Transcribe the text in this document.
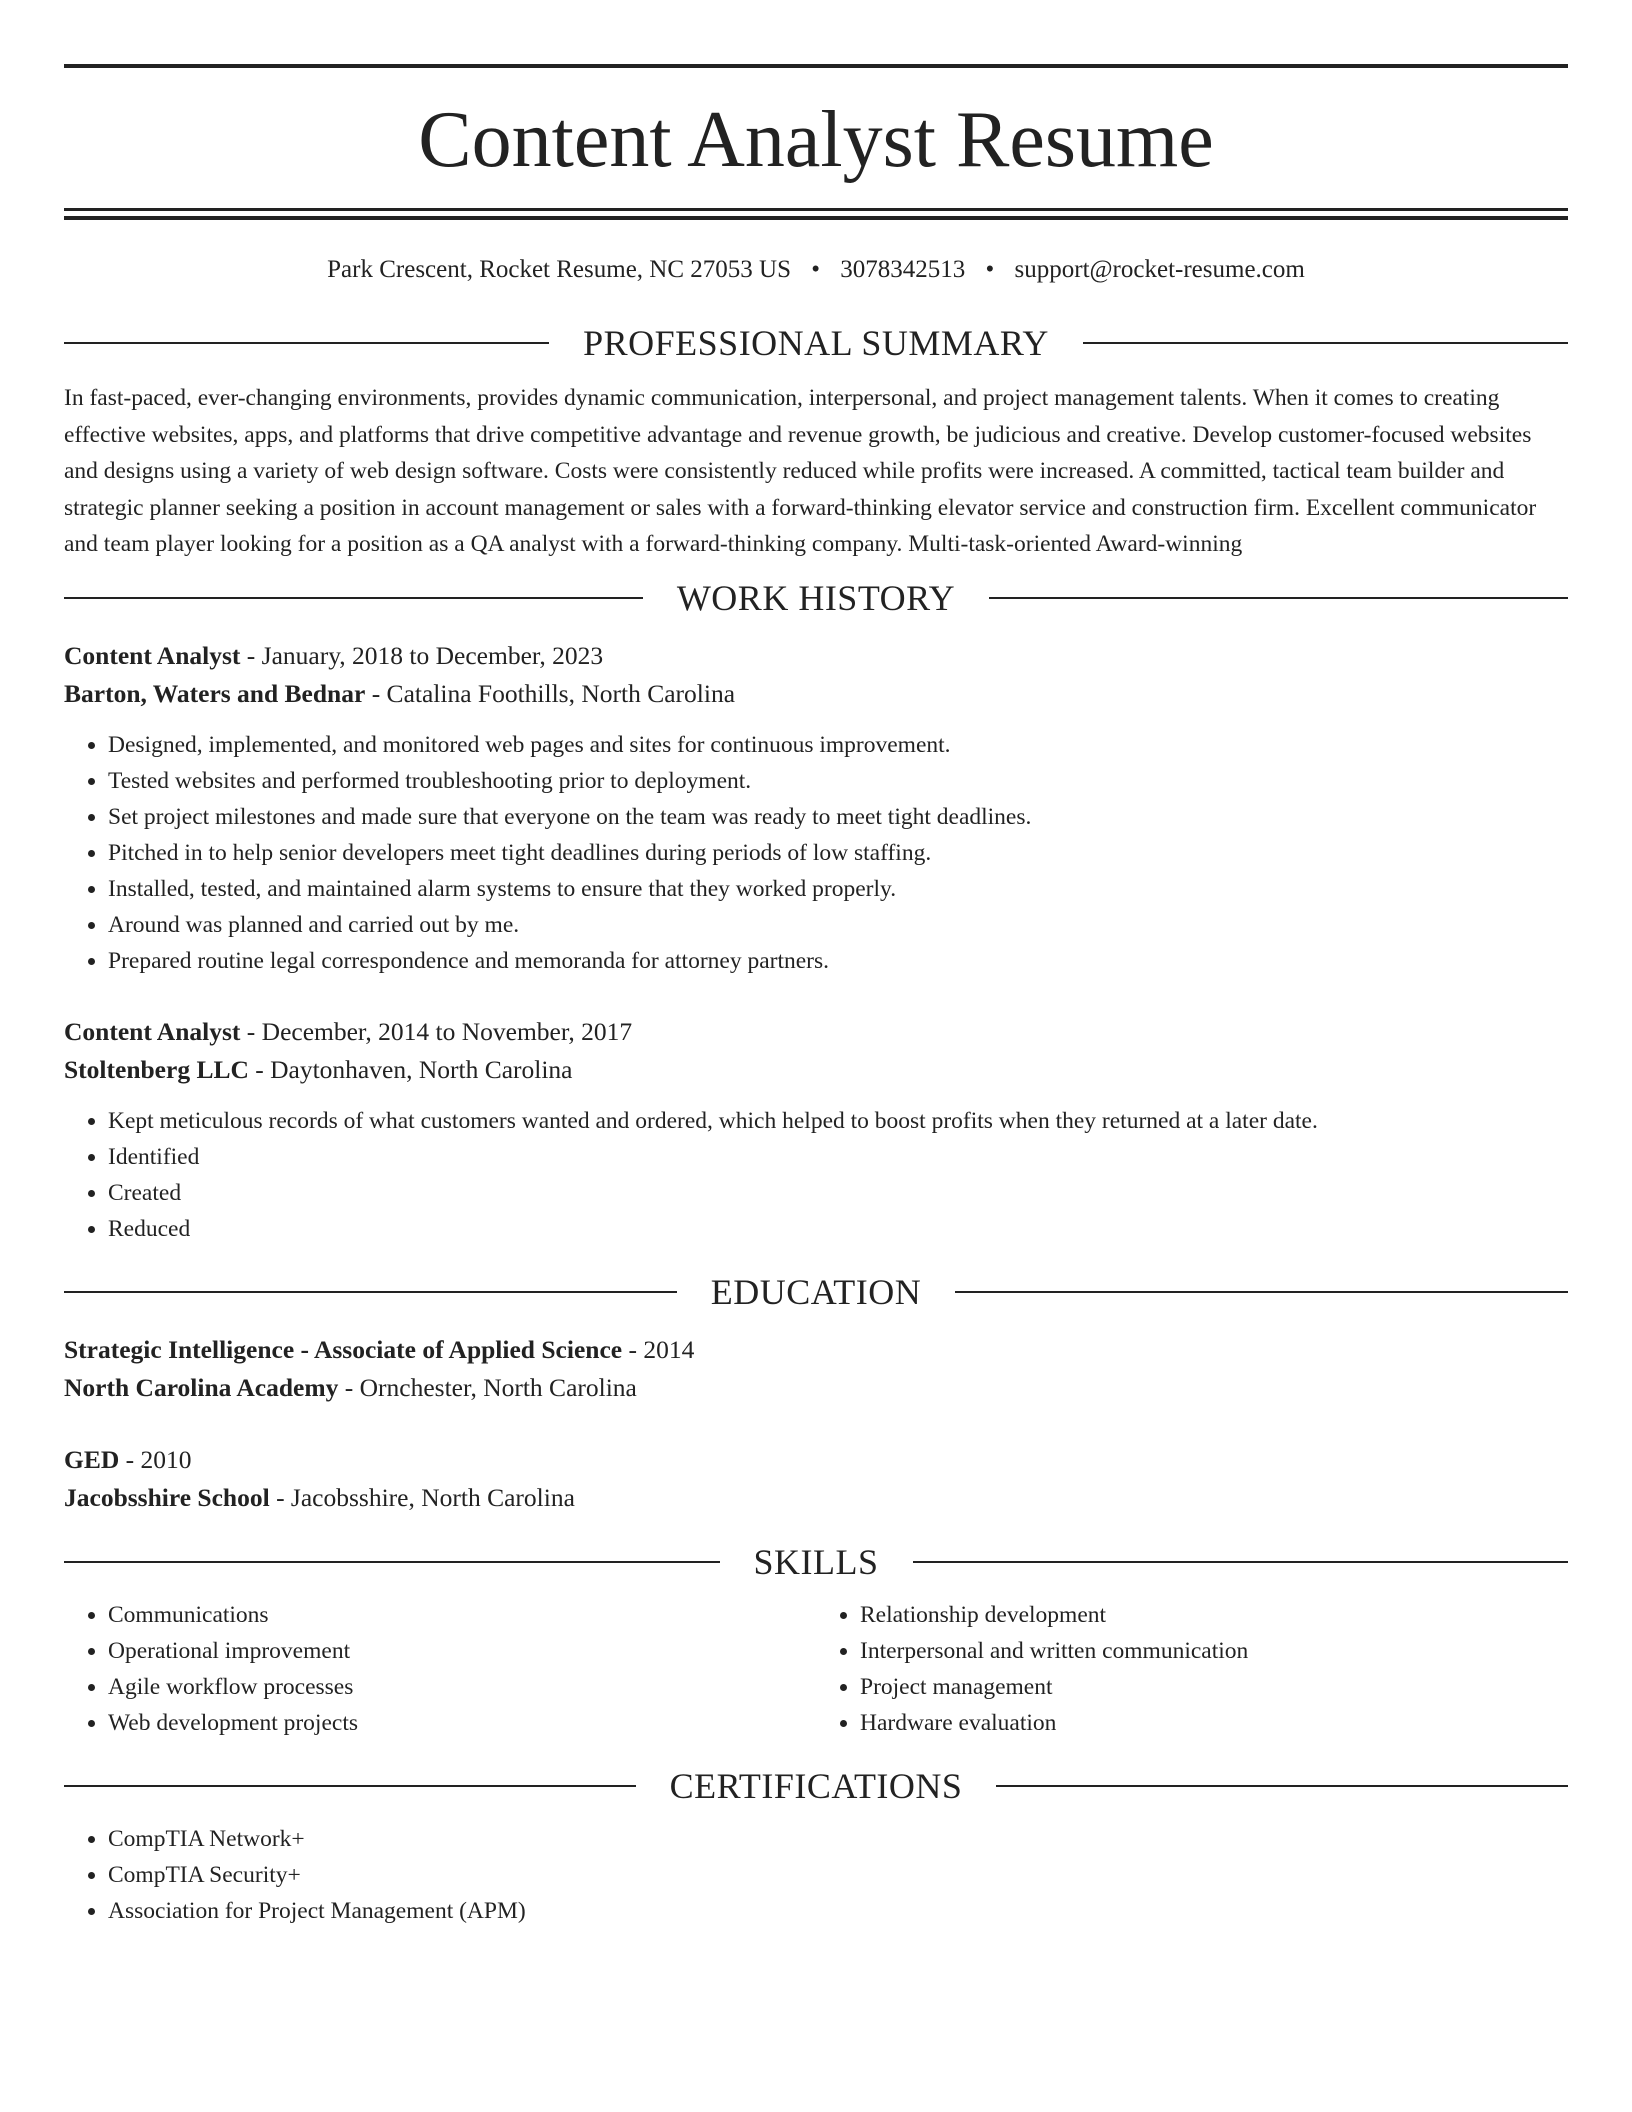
Content Analyst Resume
Park Crescent, Rocket Resume, NC 27053 US • 3078342513 • support@rocket-resume.com
PROFESSIONAL SUMMARY

In fast-paced, ever-changing environments, provides dynamic communication, interpersonal, and project management talents. When it comes to creating effective websites, apps, and platforms that drive competitive advantage and revenue growth, be judicious and creative. Develop customer-focused websites and designs using a variety of web design software. Costs were consistently reduced while profits were increased. A committed, tactical team builder and strategic planner seeking a position in account management or sales with a forward-thinking elevator service and construction firm. Excellent communicator and team player looking for a position as a QA analyst with a forward-thinking company. Multi-task-oriented Award-winning

WORK HISTORY
Content Analyst - January, 2018 to December, 2023
Barton, Waters and Bednar - Catalina Foothills, North Carolina
• Designed, implemented, and monitored web pages and sites for continuous improvement.
• Tested websites and performed troubleshooting prior to deployment.
• Set project milestones and made sure that everyone on the team was ready to meet tight deadlines.
• Pitched in to help senior developers meet tight deadlines during periods of low staffing.
• Installed, tested, and maintained alarm systems to ensure that they worked properly.
• Around was planned and carried out by me.
• Prepared routine legal correspondence and memoranda for attorney partners.
Content Analyst - December, 2014 to November, 2017
Stoltenberg LLC - Daytonhaven, North Carolina
• Kept meticulous records of what customers wanted and ordered, which helped to boost profits when they returned at a later date.
• Identified
• Created
• Reduced
EDUCATION
Strategic Intelligence - Associate of Applied Science - 2014
North Carolina Academy - Ornchester, North Carolina
GED - 2010
Jacobsshire School - Jacobsshire, North Carolina
SKILLS
• Communications
• Operational improvement
• Agile workflow processes
• Web development projects
• Relationship development
• Interpersonal and written communication
• Project management
• Hardware evaluation
CERTIFICATIONS
• CompTIA Network+
• CompTIA Security+
• Association for Project Management (APM)
